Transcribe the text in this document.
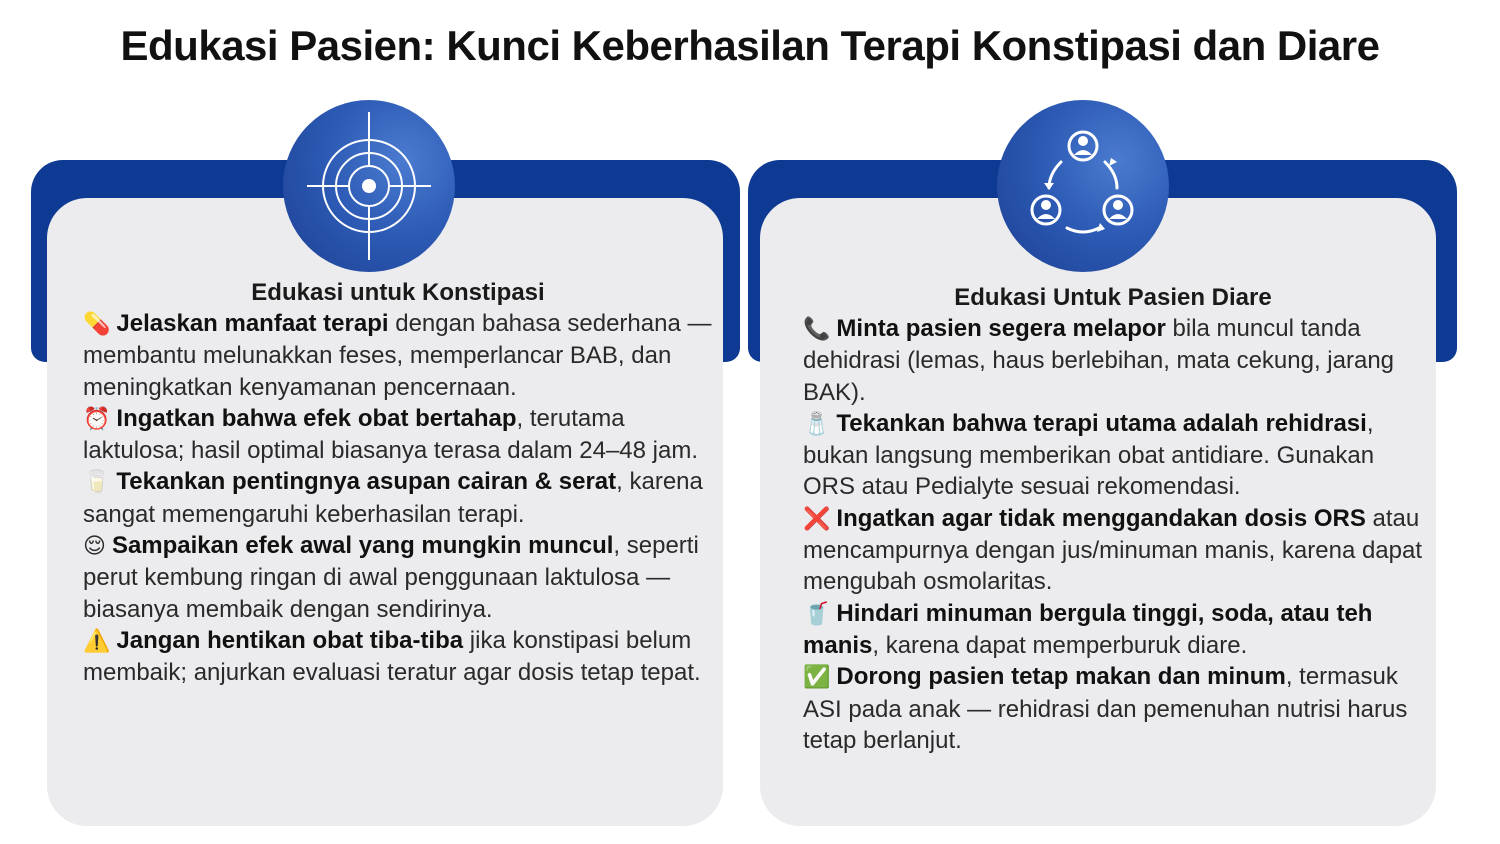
Edukasi Pasien: Kunci Keberhasilan Terapi Konstipasi dan Diare
Edukasi untuk Konstipasi

💊 Jelaskan manfaat terapi dengan bahasa sederhana — membantu melunakkan feses, memperlancar BAB, dan meningkatkan kenyamanan pencernaan.

⏰ Ingatkan bahwa efek obat bertahap, terutama laktulosa; hasil optimal biasanya terasa dalam 24–48 jam.

🥛 Tekankan pentingnya asupan cairan & serat, karena sangat memengaruhi keberhasilan terapi.

😌 Sampaikan efek awal yang mungkin muncul, seperti perut kembung ringan di awal penggunaan laktulosa — biasanya membaik dengan sendirinya.

⚠️ Jangan hentikan obat tiba-tiba jika konstipasi belum membaik; anjurkan evaluasi teratur agar dosis tetap tepat.

Edukasi Untuk Pasien Diare

📞 Minta pasien segera melapor bila muncul tanda dehidrasi (lemas, haus berlebihan, mata cekung, jarang BAK).

🧂 Tekankan bahwa terapi utama adalah rehidrasi, bukan langsung memberikan obat antidiare. Gunakan ORS atau Pedialyte sesuai rekomendasi.

❌ Ingatkan agar tidak menggandakan dosis ORS atau mencampurnya dengan jus/minuman manis, karena dapat mengubah osmolaritas.

🥤 Hindari minuman bergula tinggi, soda, atau teh manis, karena dapat memperburuk diare.

✅ Dorong pasien tetap makan dan minum, termasuk ASI pada anak — rehidrasi dan pemenuhan nutrisi harus tetap berlanjut.
